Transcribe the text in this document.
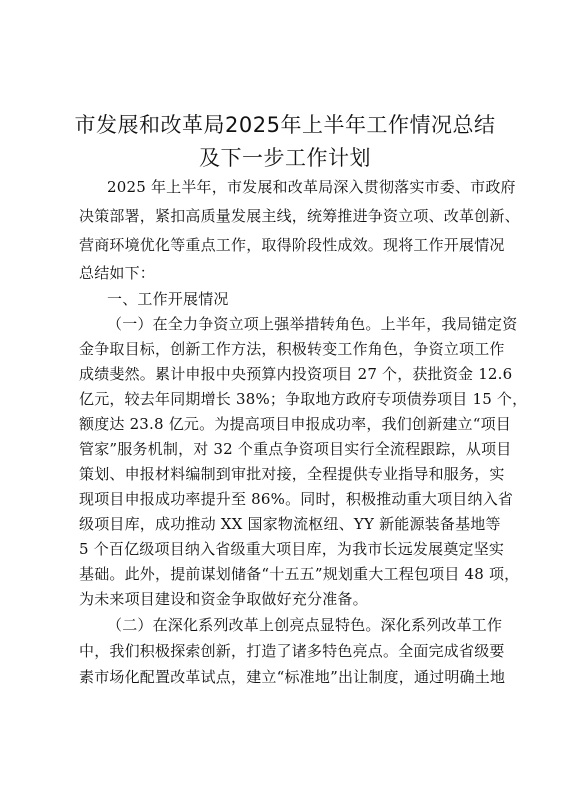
市发展和改革局2025年上半年工作情况总结
及下一步工作计划
2025 年上半年，市发展和改革局深入贯彻落实市委、市政府
决策部署，紧扣高质量发展主线，统筹推进争资立项、改革创新、
营商环境优化等重点工作，取得阶段性成效。现将工作开展情况
总结如下：
一、工作开展情况
（一）在全力争资立项上强举措转角色。上半年，我局锚定资
金争取目标，创新工作方法，积极转变工作角色，争资立项工作
成绩斐然。累计申报中央预算内投资项目 27 个，获批资金 12.6
亿元，较去年同期增长 38%；争取地方政府专项债券项目 15 个，
额度达 23.8 亿元。为提高项目申报成功率，我们创新建立“项目
管家”服务机制，对 32 个重点争资项目实行全流程跟踪，从项目
策划、申报材料编制到审批对接，全程提供专业指导和服务，实
现项目申报成功率提升至 86%。同时，积极推动重大项目纳入省
级项目库，成功推动 XX 国家物流枢纽、YY 新能源装备基地等
5 个百亿级项目纳入省级重大项目库，为我市长远发展奠定坚实
基础。此外，提前谋划储备“十五五”规划重大工程包项目 48 项，
为未来项目建设和资金争取做好充分准备。
（二）在深化系列改革上创亮点显特色。深化系列改革工作
中，我们积极探索创新，打造了诸多特色亮点。全面完成省级要
素市场化配置改革试点，建立“标准地”出让制度，通过明确土地
